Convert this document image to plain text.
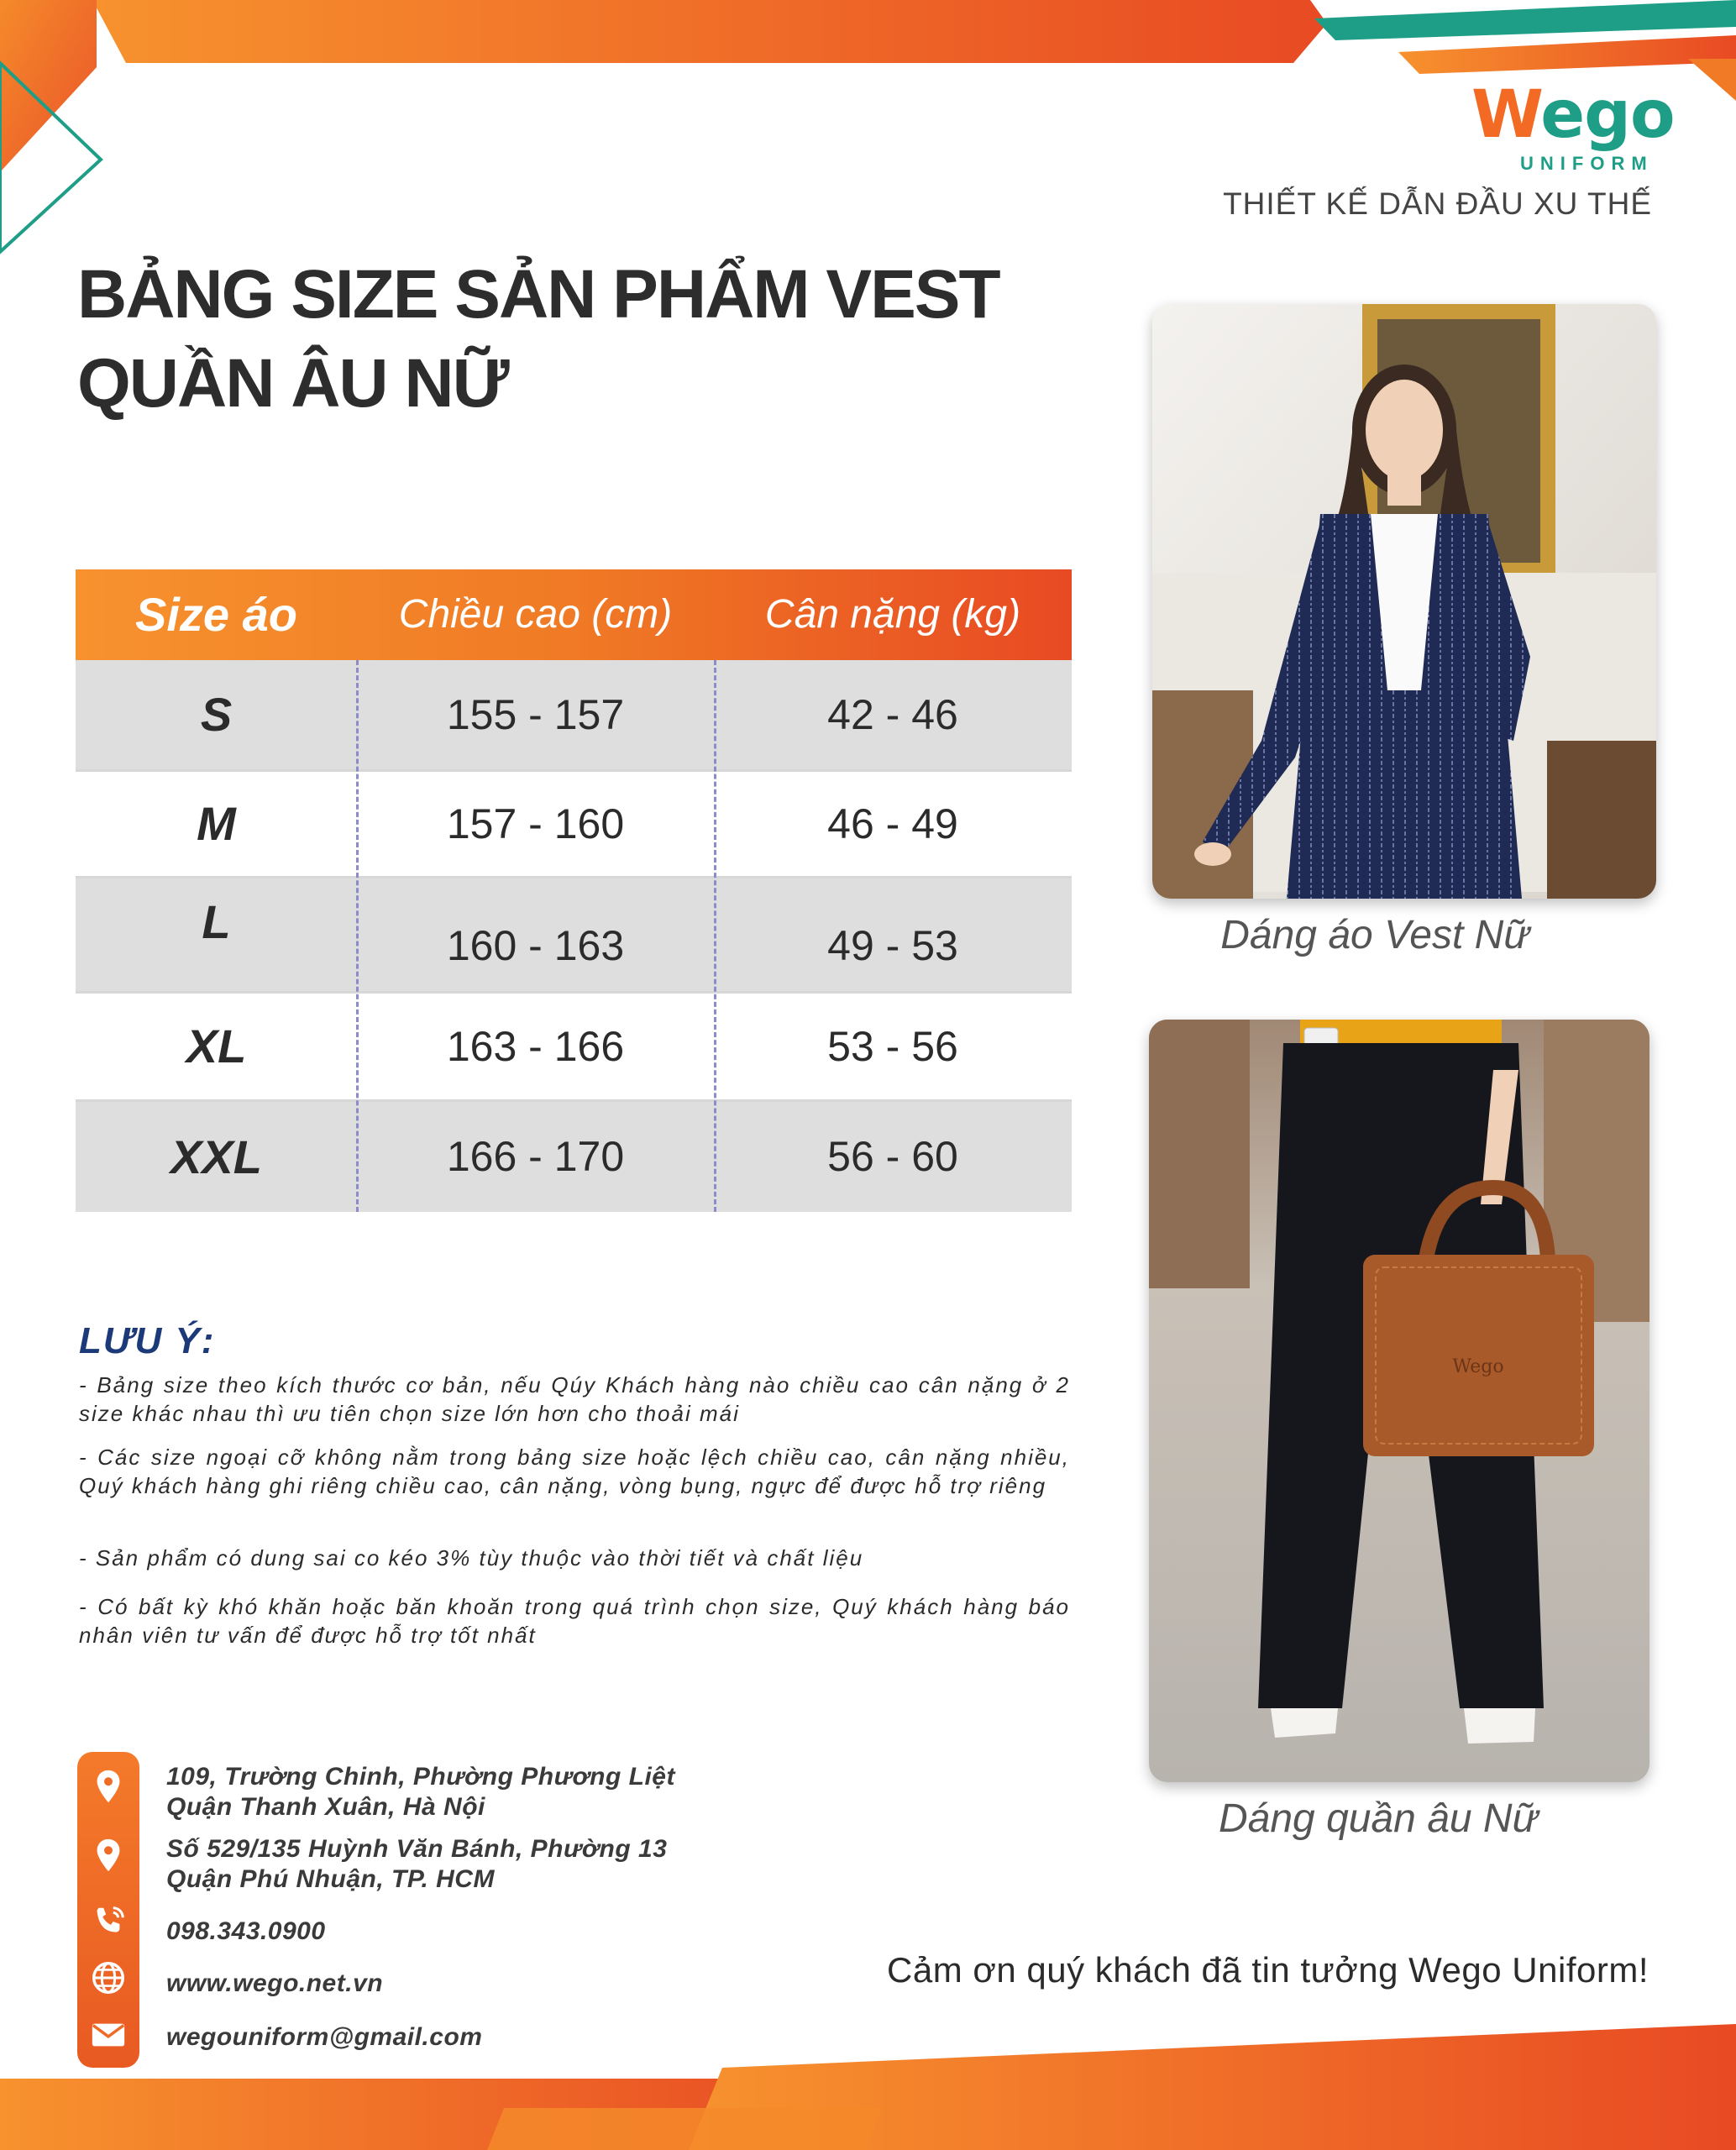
Wego
UNIFORM
THIẾT KẾ DẪN ĐẦU XU THẾ
BẢNG SIZE SẢN PHẨM VEST
QUẦN ÂU NỮ
Size áo	Chiều cao (cm)	Cân nặng (kg)
S	155 - 157	42 - 46
M	157 - 160	46 - 49
L	160 - 163	49 - 53
XL	163 - 166	53 - 56
XXL	166 - 170	56 - 60
LƯU Ý:
- Bảng size theo kích thước cơ bản, nếu Qúy Khách hàng nào chiều cao cân nặng ở 2 size khác nhau thì ưu tiên chọn size lớn hơn cho thoải mái
- Các size ngoại cỡ không nằm trong bảng size hoặc lệch chiều cao, cân nặng nhiều, Quý khách hàng ghi riêng chiều cao, cân nặng, vòng bụng, ngực để được hỗ trợ riêng
- Sản phẩm có dung sai co kéo 3% tùy thuộc vào thời tiết và chất liệu
- Có bất kỳ khó khăn hoặc băn khoăn trong quá trình chọn size, Quý khách hàng báo nhân viên tư vấn để được hỗ trợ tốt nhất
Dáng áo Vest Nữ
Wego
Dáng quần âu Nữ
109, Trường Chinh, Phường Phương Liệt
Quận Thanh Xuân, Hà Nội
Số 529/135 Huỳnh Văn Bánh, Phường 13
Quận Phú Nhuận, TP. HCM
098.343.0900
www.wego.net.vn
wegouniform@gmail.com
Cảm ơn quý khách đã tin tưởng Wego Uniform!
